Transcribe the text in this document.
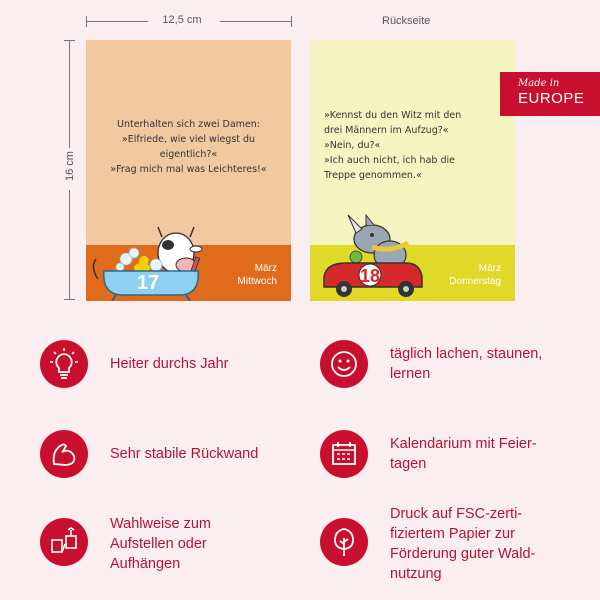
12,5 cm
16 cm
Rückseite
Unterhalten sich zwei Damen:
»Elfriede, wie viel wiegst du
eigentlich?«
»Frag mich mal was Leichteres!«
17
März
Mittwoch
»Kennst du den Witz mit den
drei Männern im Aufzug?«
»Nein, du?«
»Ich auch nicht, ich hab die
Treppe genommen.«
18	März
Donnerstag
Made in
EUROPE
Heiter durchs Jahr
täglich lachen, staunen,
lernen
Sehr stabile Rückwand
Kalendarium mit Feier-
tagen
Wahlweise zum
Aufstellen oder
Aufhängen
Druck auf FSC-zerti-
fiziertem Papier zur
Förderung guter Wald-
nutzung
